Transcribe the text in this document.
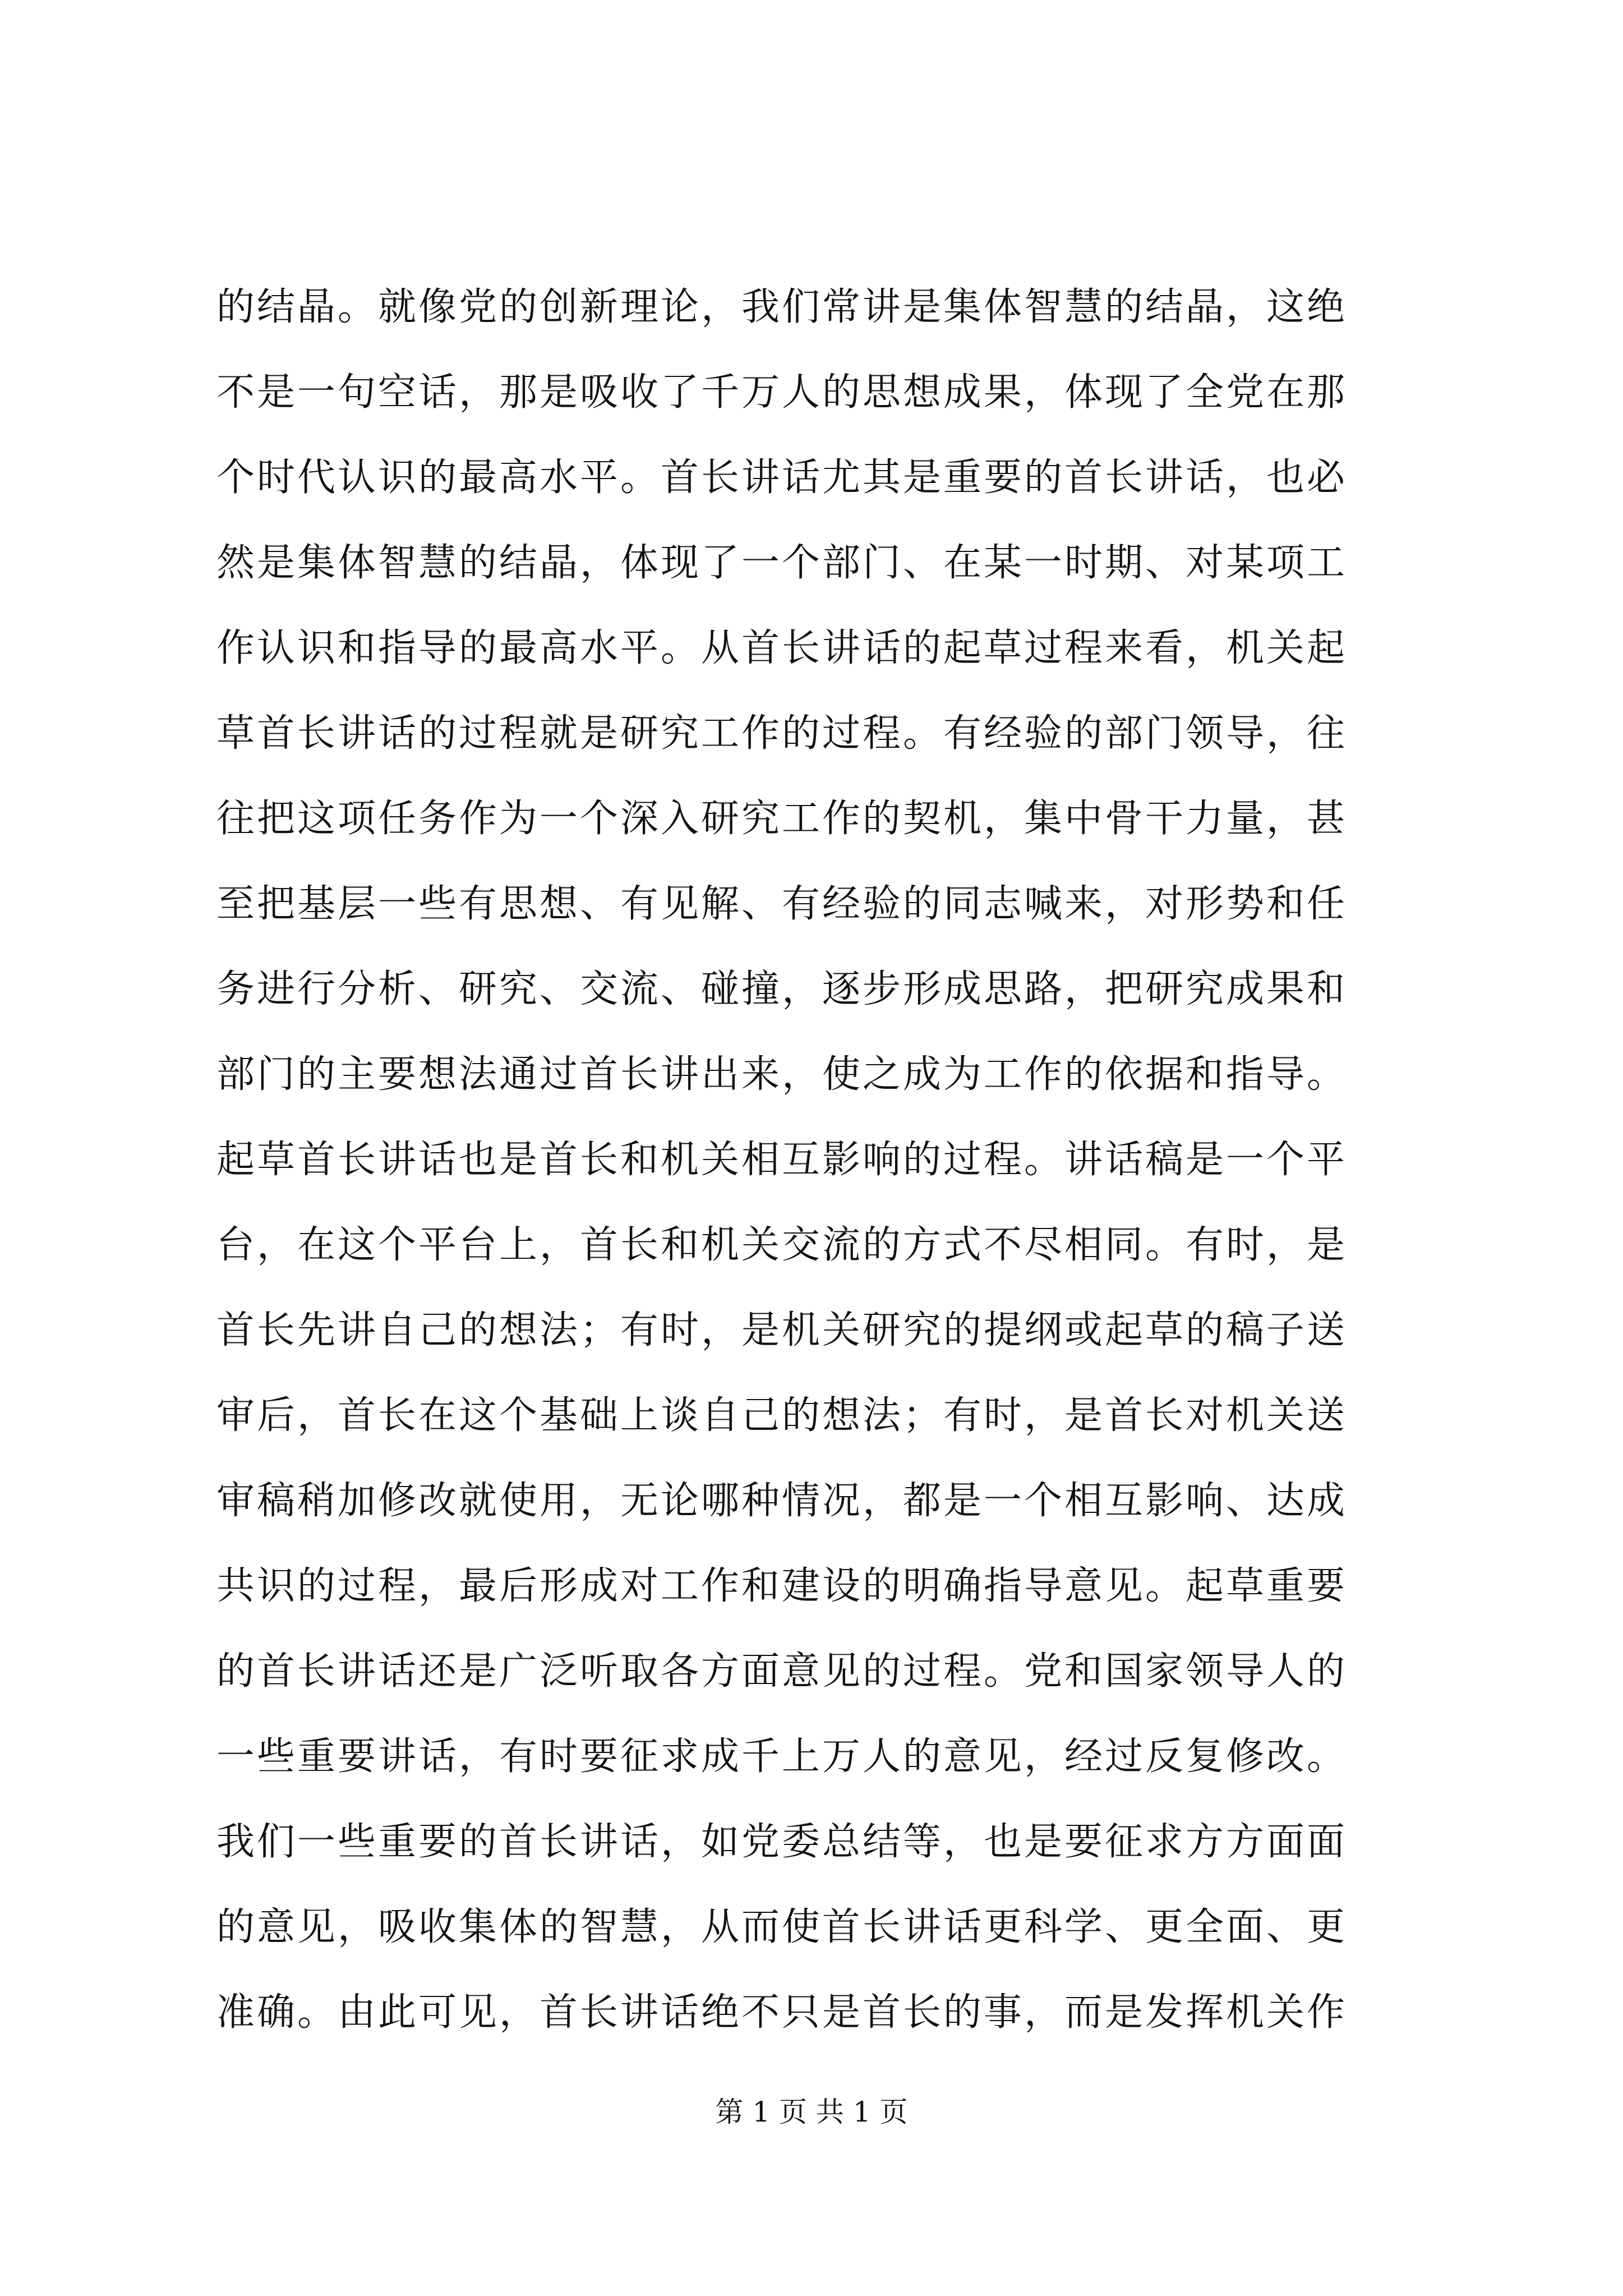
的结晶。就像党的创新理论，我们常讲是集体智慧的结晶，这绝
不是一句空话，那是吸收了千万人的思想成果，体现了全党在那
个时代认识的最高水平。首长讲话尤其是重要的首长讲话，也必
然是集体智慧的结晶，体现了一个部门、在某一时期、对某项工
作认识和指导的最高水平。从首长讲话的起草过程来看，机关起
草首长讲话的过程就是研究工作的过程。有经验的部门领导，往
往把这项任务作为一个深入研究工作的契机，集中骨干力量，甚
至把基层一些有思想、有见解、有经验的同志喊来，对形势和任
务进行分析、研究、交流、碰撞，逐步形成思路，把研究成果和
部门的主要想法通过首长讲出来，使之成为工作的依据和指导。
起草首长讲话也是首长和机关相互影响的过程。讲话稿是一个平
台，在这个平台上，首长和机关交流的方式不尽相同。有时，是
首长先讲自己的想法；有时，是机关研究的提纲或起草的稿子送
审后，首长在这个基础上谈自己的想法；有时，是首长对机关送
审稿稍加修改就使用，无论哪种情况，都是一个相互影响、达成
共识的过程，最后形成对工作和建设的明确指导意见。起草重要
的首长讲话还是广泛听取各方面意见的过程。党和国家领导人的
一些重要讲话，有时要征求成千上万人的意见，经过反复修改。
我们一些重要的首长讲话，如党委总结等，也是要征求方方面面
的意见，吸收集体的智慧，从而使首长讲话更科学、更全面、更
准确。由此可见，首长讲话绝不只是首长的事，而是发挥机关作
第 1 页 共 1 页
